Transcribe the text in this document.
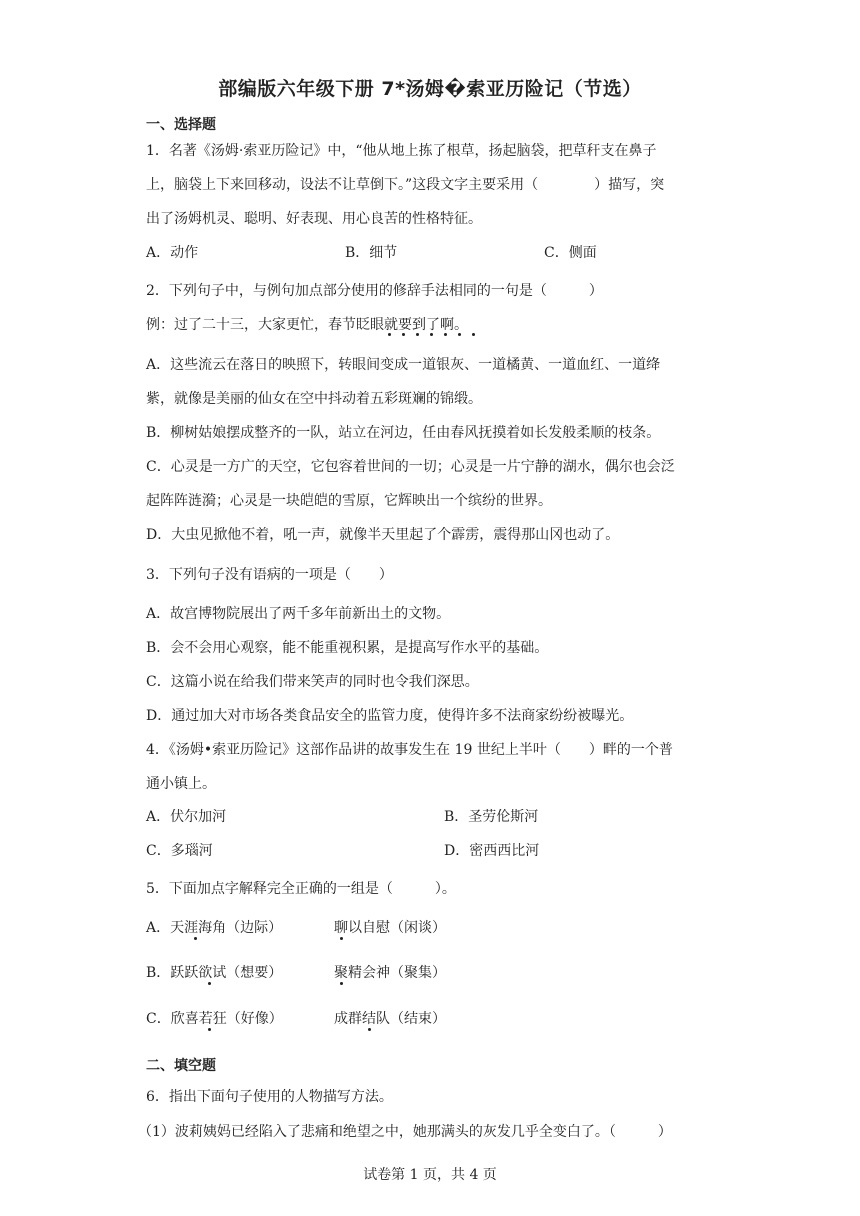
部编版六年级下册 7*汤姆�索亚历险记（节选）
一、选择题
1．名著《汤姆·索亚历险记》中，“他从地上拣了根草，扬起脑袋，把草秆支在鼻子
上，脑袋上下来回移动，设法不让草倒下。”这段文字主要采用（　　　　）描写，突
出了汤姆机灵、聪明、好表现、用心良苦的性格特征。
A．动作	B．细节	C．侧面
2．下列句子中，与例句加点部分使用的修辞手法相同的一句是（　　　）
例：过了二十三，大家更忙，春节眨眼就要到了啊。
A．这些流云在落日的映照下，转眼间变成一道银灰、一道橘黄、一道血红、一道绛
紫，就像是美丽的仙女在空中抖动着五彩斑斓的锦缎。
B．柳树姑娘摆成整齐的一队，站立在河边，任由春风抚摸着如长发般柔顺的枝条。
C．心灵是一方广的天空，它包容着世间的一切；心灵是一片宁静的湖水，偶尔也会泛
起阵阵涟漪；心灵是一块皑皑的雪原，它辉映出一个缤纷的世界。
D．大虫见掀他不着，吼一声，就像半天里起了个霹雳，震得那山冈也动了。
3．下列句子没有语病的一项是（　　）
A．故宫博物院展出了两千多年前新出土的文物。
B．会不会用心观察，能不能重视积累，是提高写作水平的基础。
C．这篇小说在给我们带来笑声的同时也令我们深思。
D．通过加大对市场各类食品安全的监管力度，使得许多不法商家纷纷被曝光。
4．《汤姆•索亚历险记》这部作品讲的故事发生在 19 世纪上半叶（　　）畔的一个普
通小镇上。
A．伏尔加河	B．圣劳伦斯河
C．多瑙河	D．密西西比河
5．下面加点字解释完全正确的一组是（　　　）。
A．天涯海角（边际）	聊以自慰（闲谈）
B．跃跃欲试（想要）	聚精会神（聚集）
C．欣喜若狂（好像）	成群结队（结束）
二、填空题
6．指出下面句子使用的人物描写方法。
（1）波莉姨妈已经陷入了悲痛和绝望之中，她那满头的灰发几乎全变白了。（　　　）
试卷第 1 页，共 4 页
